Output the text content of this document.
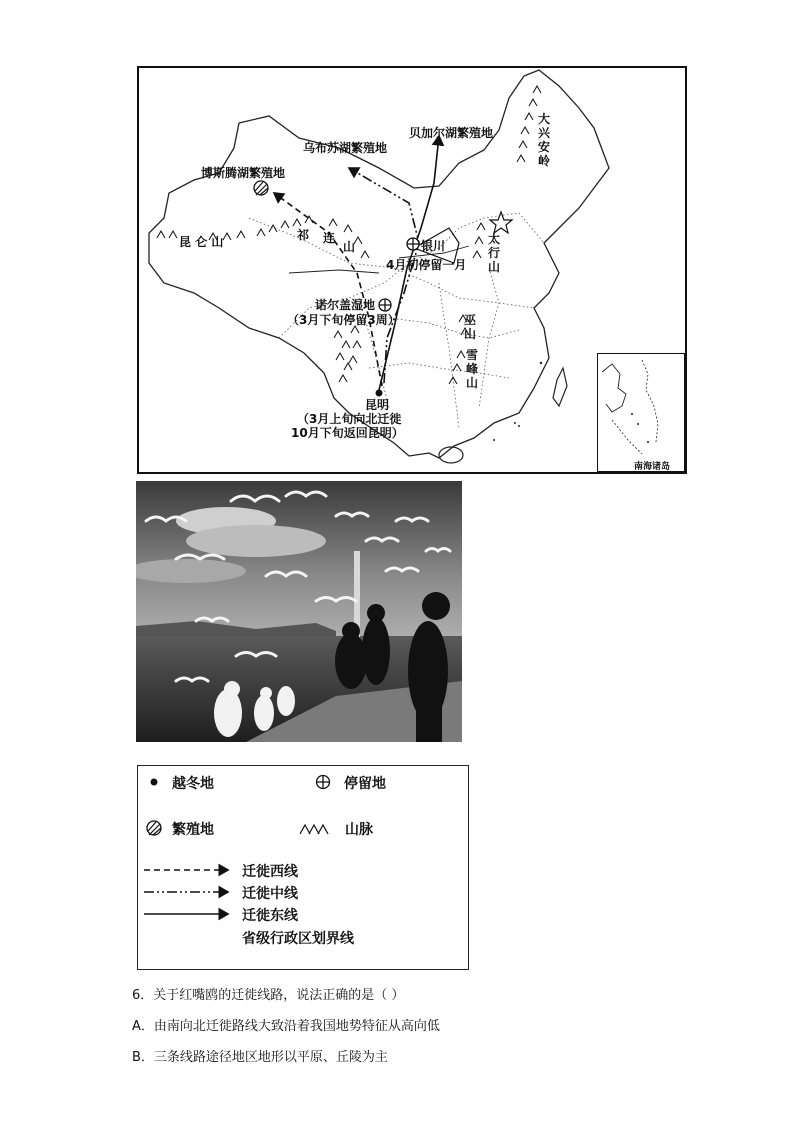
乌布苏湖繁殖地
贝加尔湖繁殖地
博斯腾湖繁殖地
昆 仑 山	祁 连
山	银川
4月初停留一月
诺尔盖湿地
（3月下旬停留3周）
昆明
（3月上旬向北迁徙
10月下旬返回昆明）
大兴安岭
太行山
巫山
雪峰山
南海诸岛
越冬地	停留地
繁殖地	山脉
迁徙西线
迁徙中线
迁徙东线
省级行政区划界线
6．关于红嘴鸥的迁徙线路，说法正确的是（ ）
A．由南向北迁徙路线大致沿着我国地势特征从高向低
B．三条线路途径地区地形以平原、丘陵为主
